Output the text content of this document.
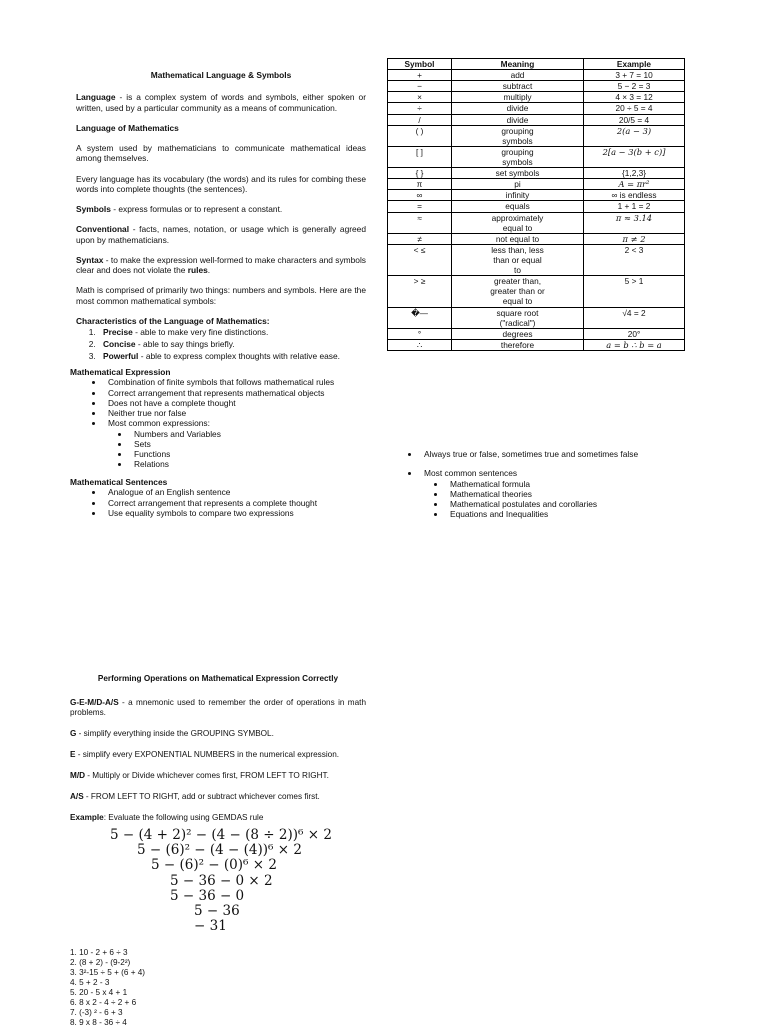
Mathematical Language & Symbols

Language - is a complex system of words and symbols, either spoken or written, used by a particular community as a means of communication.

Language of Mathematics

A system used by mathematicians to communicate mathematical ideas among themselves.

Every language has its vocabulary (the words) and its rules for combing these words into complete thoughts (the sentences).

Symbols - express formulas or to represent a constant.

Conventional - facts, names, notation, or usage which is generally agreed upon by mathematicians.

Syntax - to make the expression well-formed to make characters and symbols clear and does not violate the rules.

Math is comprised of primarily two things: numbers and symbols. Here are the most common mathematical symbols:

Characteristics of the Language of Mathematics:

1. Precise - able to make very fine distinctions.
2. Concise - able to say things briefly.
3. Powerful - able to express complex thoughts with relative ease.

Mathematical Expression

• Combination of finite symbols that follows mathematical rules
• Correct arrangement that represents mathematical objects
• Does not have a complete thought
• Neither true nor false
• Most common expressions:
• Numbers and Variables
• Sets
• Functions
• Relations

Mathematical Sentences

• Analogue of an English sentence
• Correct arrangement that represents a complete thought
• Use equality symbols to compare two expressions
Symbol	Meaning	Example
+	add	3 + 7 = 10
−	subtract	5 − 2 = 3
×	multiply	4 × 3 = 12
÷	divide	20 ÷ 5 = 4
/	divide	20/5 = 4
( )	grouping symbols	2(a − 3)
[ ]	grouping symbols	2[a − 3(b + c)]
{ }	set symbols	{1,2,3}
π	pi	A = πr²
∞	infinity	∞ is endless
=	equals	1 + 1 = 2
≈	approximately equal to	π ≈ 3.14
≠	not equal to	π ≠ 2
< ≤	less than, less than or equal to	2 < 3
> ≥	greater than, greater than or equal to	5 > 1
�—	square root ("radical")	√4 = 2
°	degrees	20°
∴	therefore	a = b ∴ b = a
• Always true or false, sometimes true and sometimes false
• Most common sentences
• Mathematical formula
• Mathematical theories
• Mathematical postulates and corollaries
• Equations and Inequalities

Performing Operations on Mathematical Expression Correctly

G-E-M/D-A/S - a mnemonic used to remember the order of operations in math problems.

G - simplify everything inside the GROUPING SYMBOL.

E - simplify every EXPONENTIAL NUMBERS in the numerical expression.

M/D - Multiply or Divide whichever comes first, FROM LEFT TO RIGHT.

A/S - FROM LEFT TO RIGHT, add or subtract whichever comes first.

Example: Evaluate the following using GEMDAS rule

5 − (4 + 2)² − (4 − (8 ÷ 2))⁶ × 2
5 − (6)² − (4 − (4))⁶ × 2
5 − (6)² − (0)⁶ × 2
5 − 36 − 0 × 2
5 − 36 − 0
5 − 36
− 31
1. 10 - 2 + 6 ÷ 3
2. (8 + 2) - (9-2²)
3. 3²-15 ÷ 5 + (6 + 4)
4. 5 + 2 - 3
5. 20 - 5 x 4 + 1
6. 8 x 2 - 4 ÷ 2 + 6
7. (-3) ² - 6 + 3
8. 9 x 8 - 36 ÷ 4
